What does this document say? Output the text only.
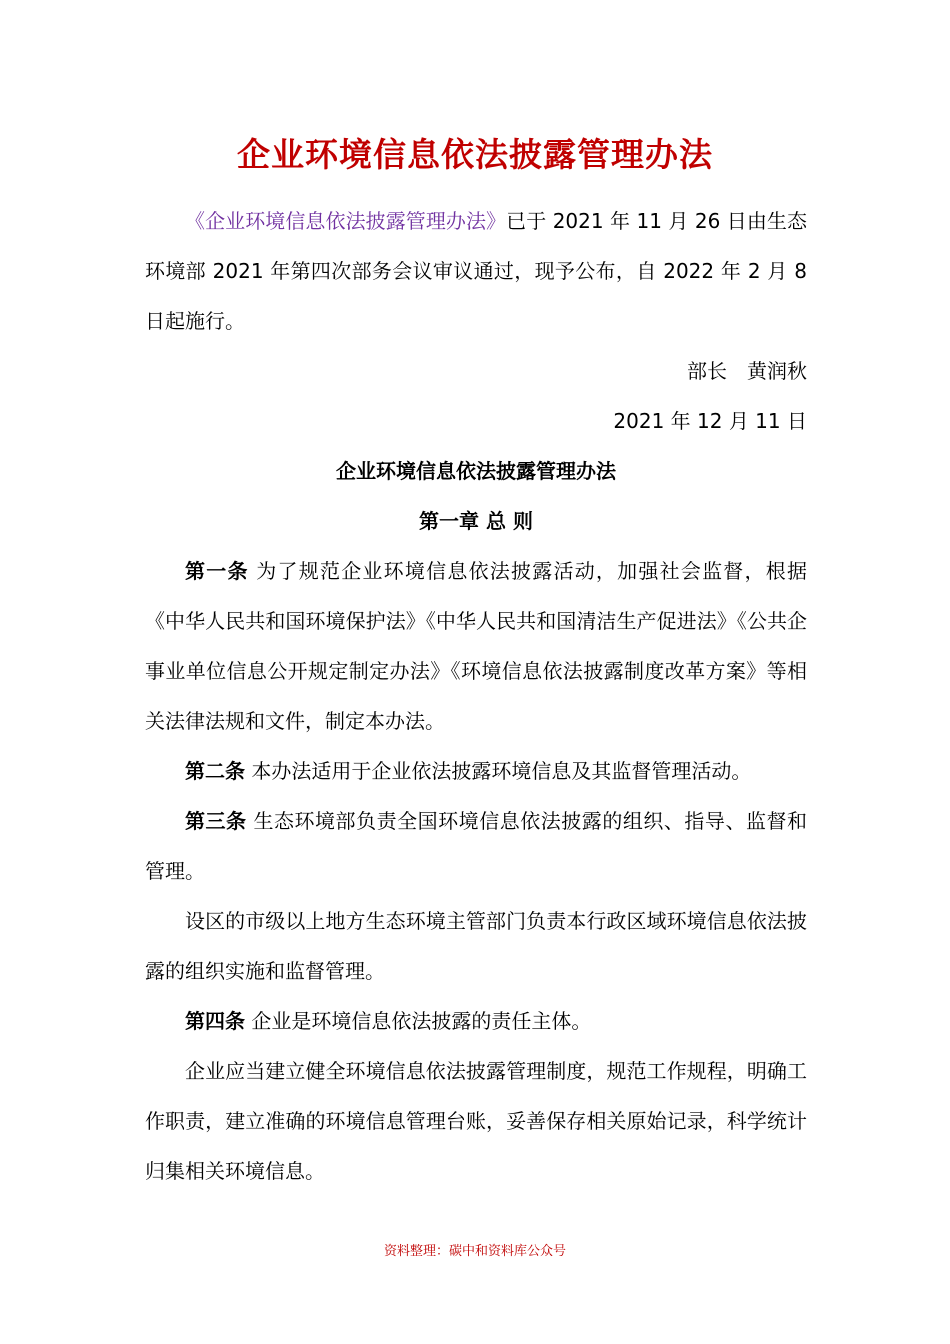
企业环境信息依法披露管理办法

《企业环境信息依法披露管理办法》已于 2021 年 11 月 26 日由生态环境部 2021 年第四次部务会议审议通过，现予公布，自 2022 年 2 月 8 日起施行。

部长　黄润秋

2021 年 12 月 11 日

企业环境信息依法披露管理办法

第一章 总 则

第一条 为了规范企业环境信息依法披露活动，加强社会监督，根据《中华人民共和国环境保护法》《中华人民共和国清洁生产促进法》《公共企事业单位信息公开规定制定办法》《环境信息依法披露制度改革方案》等相关法律法规和文件，制定本办法。

第二条 本办法适用于企业依法披露环境信息及其监督管理活动。

第三条 生态环境部负责全国环境信息依法披露的组织、指导、监督和管理。

设区的市级以上地方生态环境主管部门负责本行政区域环境信息依法披露的组织实施和监督管理。

第四条 企业是环境信息依法披露的责任主体。

企业应当建立健全环境信息依法披露管理制度，规范工作规程，明确工作职责，建立准确的环境信息管理台账，妥善保存相关原始记录，科学统计归集相关环境信息。

资料整理：碳中和资料库公众号
